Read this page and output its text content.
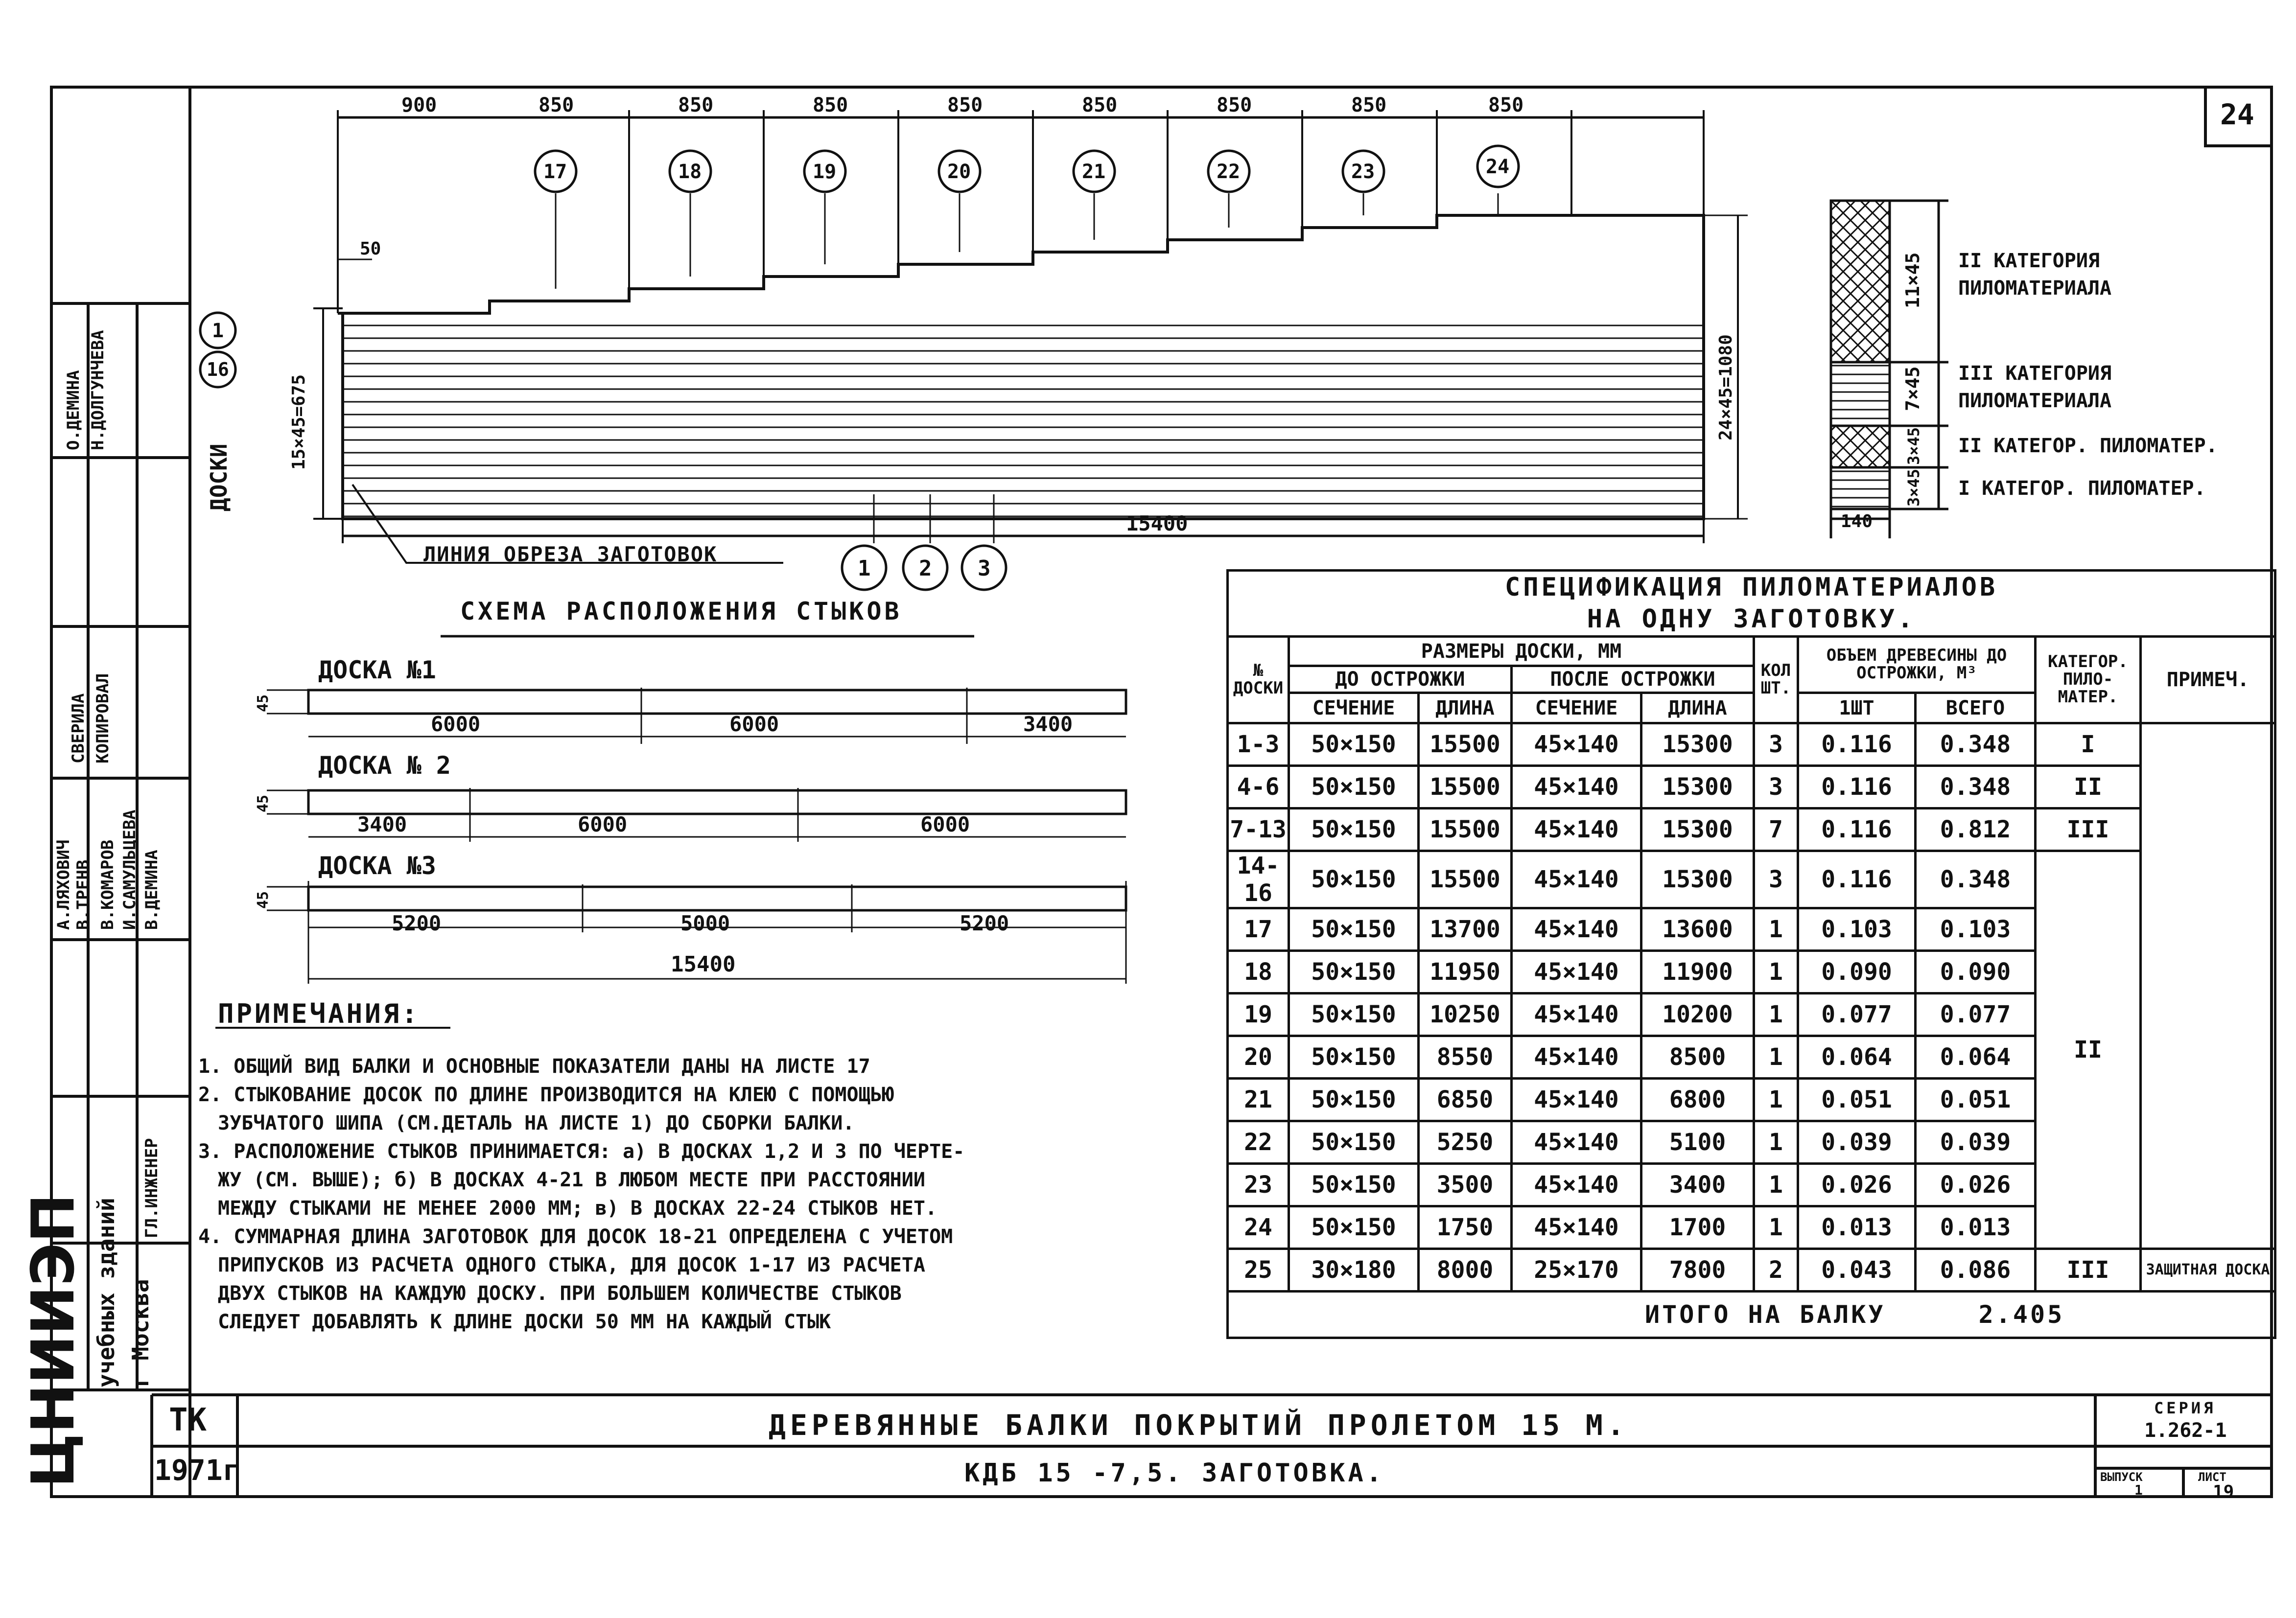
24
ЦНИИЭП учебных зданий г Москва
А.ЛЯХОВИЧ В.ТРЕНВ В.КОМАРОВ И.САМУЛЬЦЕВА В.ДЕМИНА
Н.ДОЛГУНЧЕВА
О.ДЕМИНА
СВЕРИЛА КОПИРОВАЛ
ГЛ.ИНЖЕНЕР
ТК
1971г
ДЕРЕВЯННЫЕ БАЛКИ ПОКРЫТИЙ ПРОЛЕТОМ 15 М.
КДБ 15 -7,5. ЗАГОТОВКА.
СЕРИЯ
1.262-1
ВЫПУСК
1
ЛИСТ
19
900	850	850	850	850	850	850	850	850
17	18	19	20	21	22	23	24
50
15×45=675	24×45=1080
15400
ДОСКИ
1
16
ЛИНИЯ ОБРЕЗА ЗАГОТОВОК
1 2 3
11×45
7×45
3×45
3×45
140
II КАТЕГОРИЯ ПИЛОМАТЕРИАЛА
III КАТЕГОРИЯ ПИЛОМАТЕРИАЛА
II КАТЕГОР. ПИЛОМАТЕР.
I КАТЕГОР. ПИЛОМАТЕР.
СХЕМА РАСПОЛОЖЕНИЯ СТЫКОВ
45
45
45
ДОСКА №1
6000	6000	3400
ДОСКА № 2
3400	6000	6000
ДОСКА №3
5200	5000	5200
15400
ПРИМЕЧАНИЯ:
1. ОБЩИЙ ВИД БАЛКИ И ОСНОВНЫЕ ПОКАЗАТЕЛИ ДАНЫ НА ЛИСТЕ 17
2. СТЫКОВАНИЕ ДОСОК ПО ДЛИНЕ ПРОИЗВОДИТСЯ НА КЛЕЮ С ПОМОЩЬЮ
ЗУБЧАТОГО ШИПА (СМ.ДЕТАЛЬ НА ЛИСТЕ 1) ДО СБОРКИ БАЛКИ.
3. РАСПОЛОЖЕНИЕ СТЫКОВ ПРИНИМАЕТСЯ: а) В ДОСКАХ 1,2 И 3 ПО ЧЕРТЕ-
ЖУ (СМ. ВЫШЕ); б) В ДОСКАХ 4-21 В ЛЮБОМ МЕСТЕ ПРИ РАССТОЯНИИ
МЕЖДУ СТЫКАМИ НЕ МЕНЕЕ 2000 ММ; в) В ДОСКАХ 22-24 СТЫКОВ НЕТ.
4. СУММАРНАЯ ДЛИНА ЗАГОТОВОК ДЛЯ ДОСОК 18-21 ОПРЕДЕЛЕНА С УЧЕТОМ
ПРИПУСКОВ ИЗ РАСЧЕТА ОДНОГО СТЫКА, ДЛЯ ДОСОК 1-17 ИЗ РАСЧЕТА
ДВУХ СТЫКОВ НА КАЖДУЮ ДОСКУ. ПРИ БОЛЬШЕМ КОЛИЧЕСТВЕ СТЫКОВ
СЛЕДУЕТ ДОБАВЛЯТЬ К ДЛИНЕ ДОСКИ 50 ММ НА КАЖДЫЙ СТЫК
СПЕЦИФИКАЦИЯ ПИЛОМАТЕРИАЛОВ
НА ОДНУ ЗАГОТОВКУ.									

№ ДОСКИ	РАЗМЕРЫ ДОСКИ, ММ				КОЛ ШТ.	ОБЪЕМ ДРЕВЕСИНЫ ДО ОСТРОЖКИ, М³		КАТЕГОР. ПИЛО- МАТЕР.	ПРИМЕЧ.
	ДО ОСТРОЖКИ		ПОСЛЕ ОСТРОЖКИ						
	СЕЧЕНИЕ	ДЛИНА	СЕЧЕНИЕ	ДЛИНА		1ШТ	ВСЕГО		
1-3	50×150	15500	45×140	15300	3	0.116	0.348	I	
4-6	50×150	15500	45×140	15300	3	0.116	0.348	II	
7-13	50×150	15500	45×140	15300	7	0.116	0.812	III	
14-16	50×150	15500	45×140	15300	3	0.116	0.348	II	
17	50×150	13700	45×140	13600	1	0.103	0.103		
18	50×150	11950	45×140	11900	1	0.090	0.090		
19	50×150	10250	45×140	10200	1	0.077	0.077		
20	50×150	8550	45×140	8500	1	0.064	0.064		
21	50×150	6850	45×140	6800	1	0.051	0.051		
22	50×150	5250	45×140	5100	1	0.039	0.039		
23	50×150	3500	45×140	3400	1	0.026	0.026		
24	50×150	1750	45×140	1700	1	0.013	0.013		
25	30×180	8000	25×170	7800	2	0.043	0.086	III	ЗАЩИТНАЯ ДОСКА
ИТОГО НА БАЛКУ 2.405									
